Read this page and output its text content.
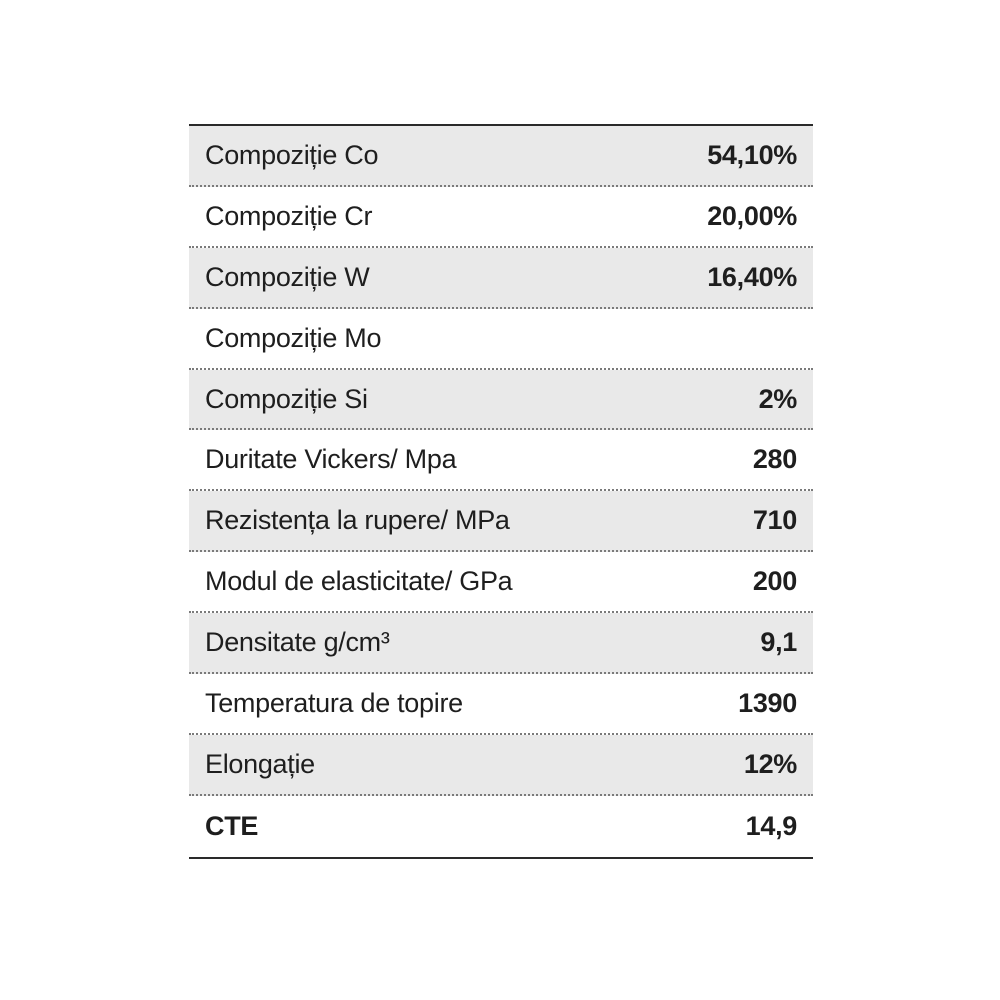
Compoziție Co	54,10%
Compoziție Cr	20,00%
Compoziție W	16,40%
Compoziție Mo
Compoziție Si	2%
Duritate Vickers/ Mpa	280
Rezistența la rupere/ MPa	710
Modul de elasticitate/ GPa	200
Densitate g/cm³	9,1
Temperatura de topire	1390
Elongație	12%
CTE	14,9
